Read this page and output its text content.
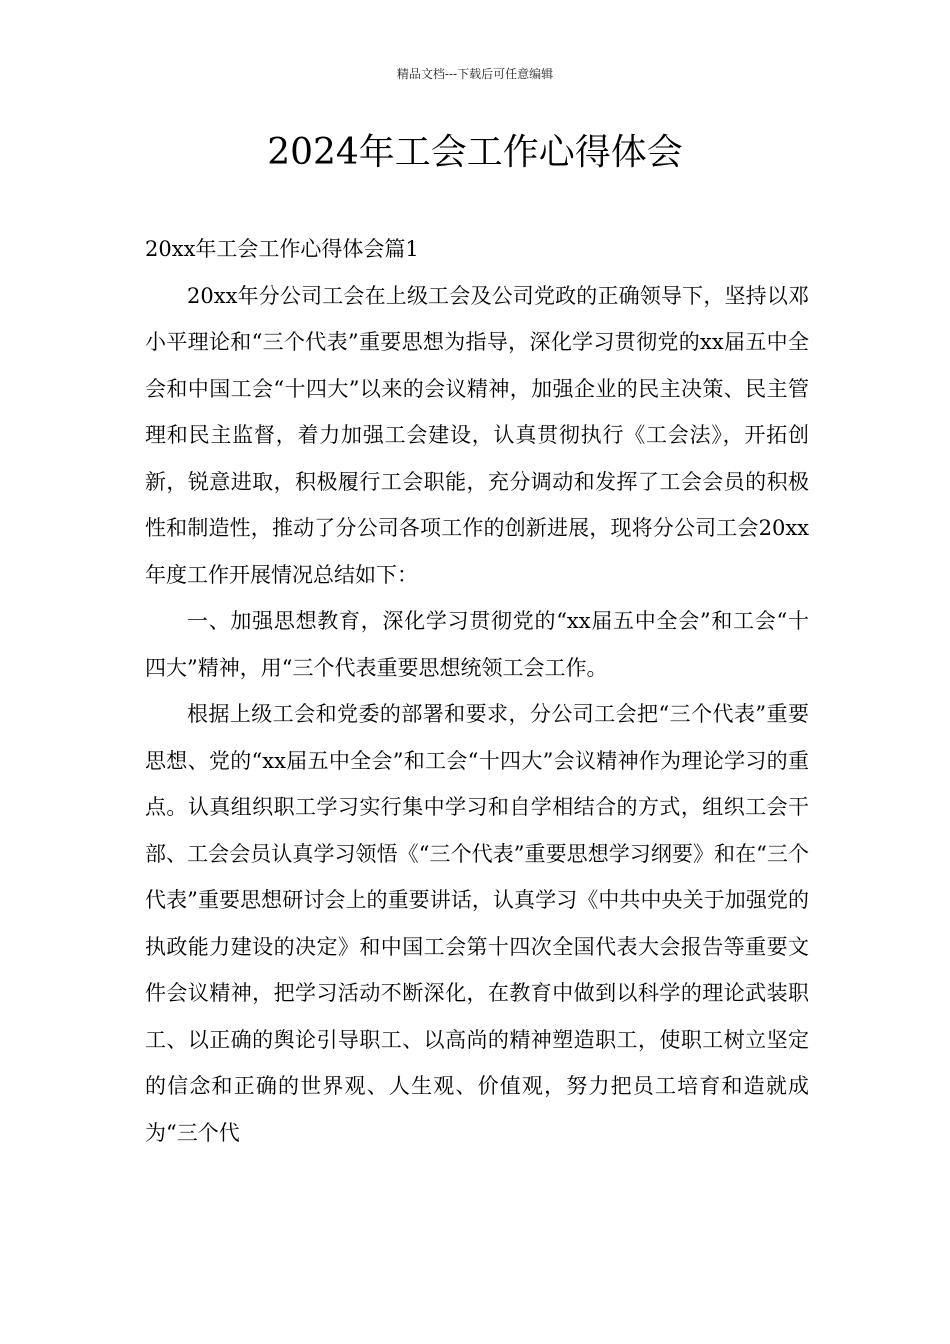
精品文档---下载后可任意编辑
2024年工会工作心得体会

20xx年工会工作心得体会篇1

20xx年分公司工会在上级工会及公司党政的正确领导下，坚持以邓小平理论和“三个代表”重要思想为指导，深化学习贯彻党的xx届五中全会和中国工会“十四大”以来的会议精神，加强企业的民主决策、民主管理和民主监督，着力加强工会建设，认真贯彻执行《工会法》，开拓创新，锐意进取，积极履行工会职能，充分调动和发挥了工会会员的积极性和制造性，推动了分公司各项工作的创新进展，现将分公司工会20xx年度工作开展情况总结如下：

一、加强思想教育，深化学习贯彻党的“xx届五中全会”和工会“十四大”精神，用“三个代表重要思想统领工会工作。

根据上级工会和党委的部署和要求，分公司工会把“三个代表”重要思想、党的“xx届五中全会”和工会“十四大”会议精神作为理论学习的重点。认真组织职工学习实行集中学习和自学相结合的方式，组织工会干部、工会会员认真学习领悟《“三个代表”重要思想学习纲要》和在“三个代表”重要思想研讨会上的重要讲话，认真学习《中共中央关于加强党的执政能力建设的决定》和中国工会第十四次全国代表大会报告等重要文件会议精神，把学习活动不断深化，在教育中做到以科学的理论武装职工、以正确的舆论引导职工、以高尚的精神塑造职工，使职工树立坚定的信念和正确的世界观、人生观、价值观，努力把员工培育和造就成为“三个代
